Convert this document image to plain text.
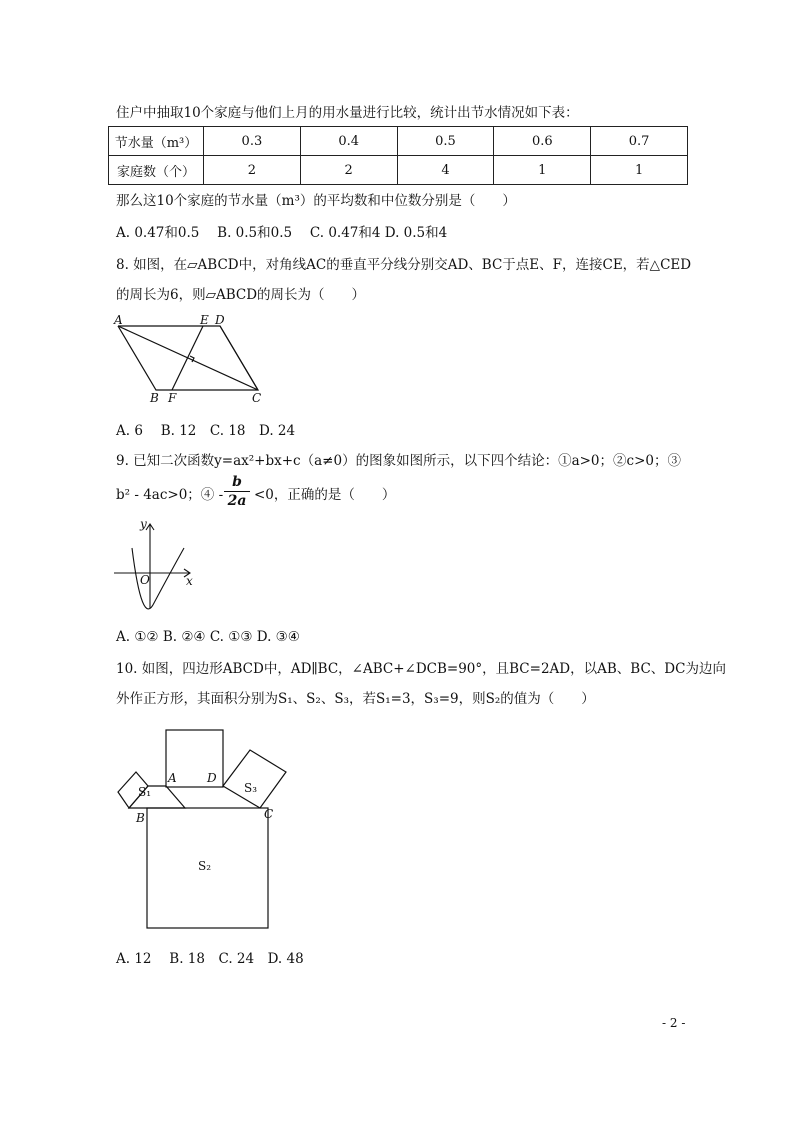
住户中抽取10个家庭与他们上月的用水量进行比较，统计出节水情况如下表：
节水量（m³）	0.3	0.4	0.5	0.6	0.7
家庭数（个）	2	2	4	1	1
那么这10个家庭的节水量（m³）的平均数和中位数分别是（　　）
A. 0.47和0.5　 B. 0.5和0.5　 C. 0.47和4 D. 0.5和4
8. 如图，在▱ABCD中，对角线AC的垂直平分线分别交AD、BC于点E、F，连接CE，若△CED
的周长为6，则▱ABCD的周长为（　　）
A	E D
B F	C
A. 6　 B. 12　C. 18　D. 24
9. 已知二次函数y=ax²+bx+c（a≠0）的图象如图所示，以下四个结论：①a>0；②c>0；③
b² - 4ac>0；④ - $\frac{b}{2a} <0$，正确的是（　　）
y
x
O
A. ①② B. ②④ C. ①③ D. ③④
10. 如图，四边形ABCD中，AD∥BC，∠ABC+∠DCB=90°，且BC=2AD，以AB、BC、DC为边向
外作正方形，其面积分别为S₁、S₂、S₃，若S₁=3，S₃=9，则S₂的值为（　　）
A	D
B	C
S₁
S₂
S₃
A. 12　 B. 18　C. 24　D. 48
- 2 -
